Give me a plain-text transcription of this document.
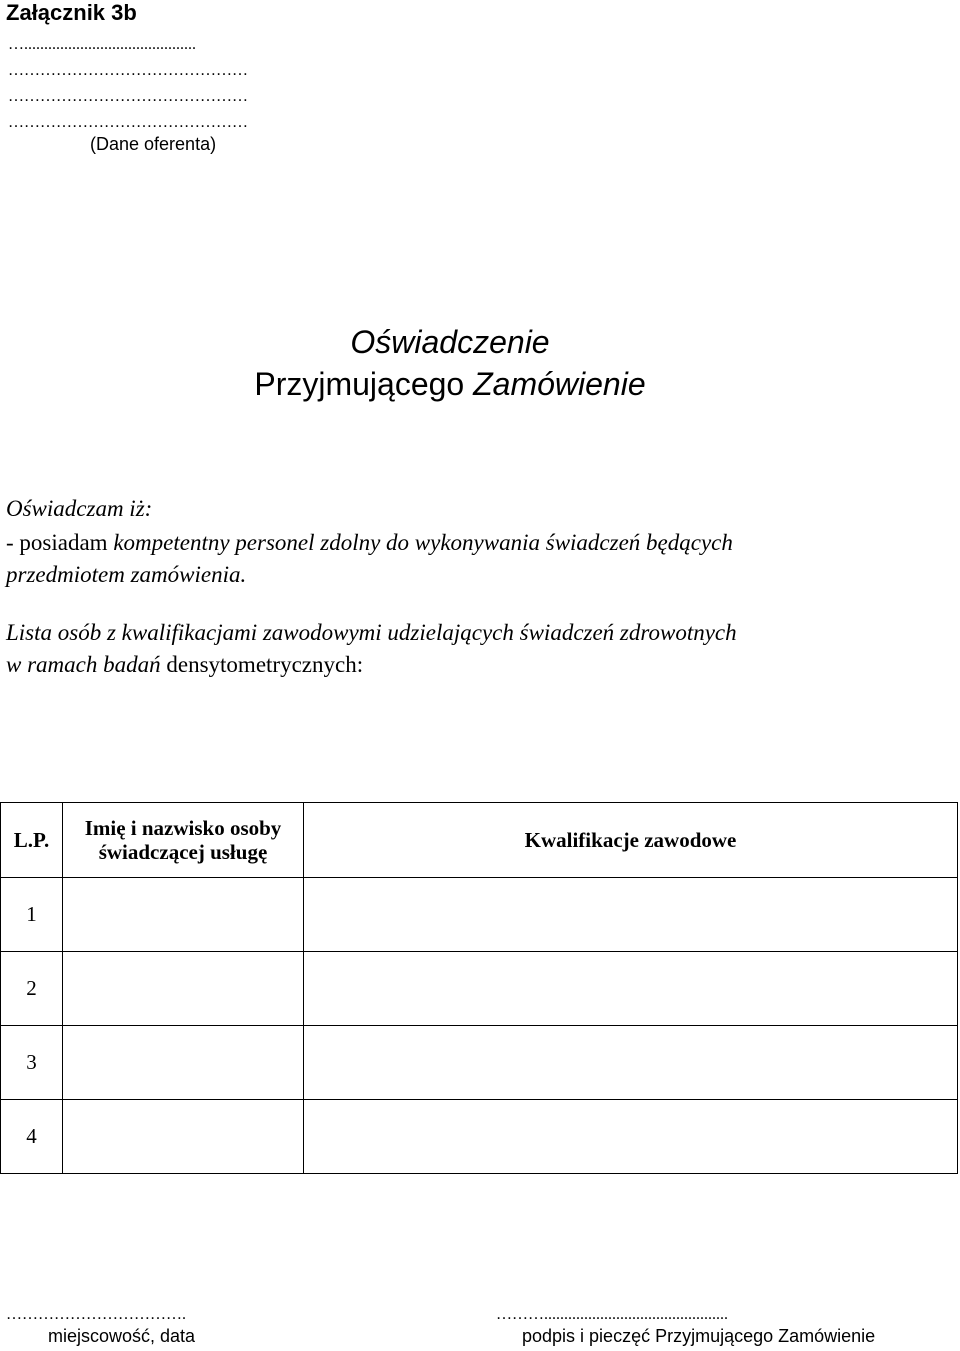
Załącznik 3b
…...........................................
………………………………………
………………………………………
………………………………………
(Dane oferenta)
Oświadczenie
Przyjmującego Zamówienie
Oświadczam iż:
- posiadam kompetentny personel zdolny do wykonywania świadczeń będących
przedmiotem zamówienia.
Lista osób z kwalifikacjami zawodowymi udzielających świadczeń zdrowotnych
w ramach badań densytometrycznych:
L.P.	Imię i nazwisko osoby świadczącej usługę	Kwalifikacje zawodowe
1		
2		
3		
4		
…………………………….
miejscowość, data
………..............................................
podpis i pieczęć Przyjmującego Zamówienie
